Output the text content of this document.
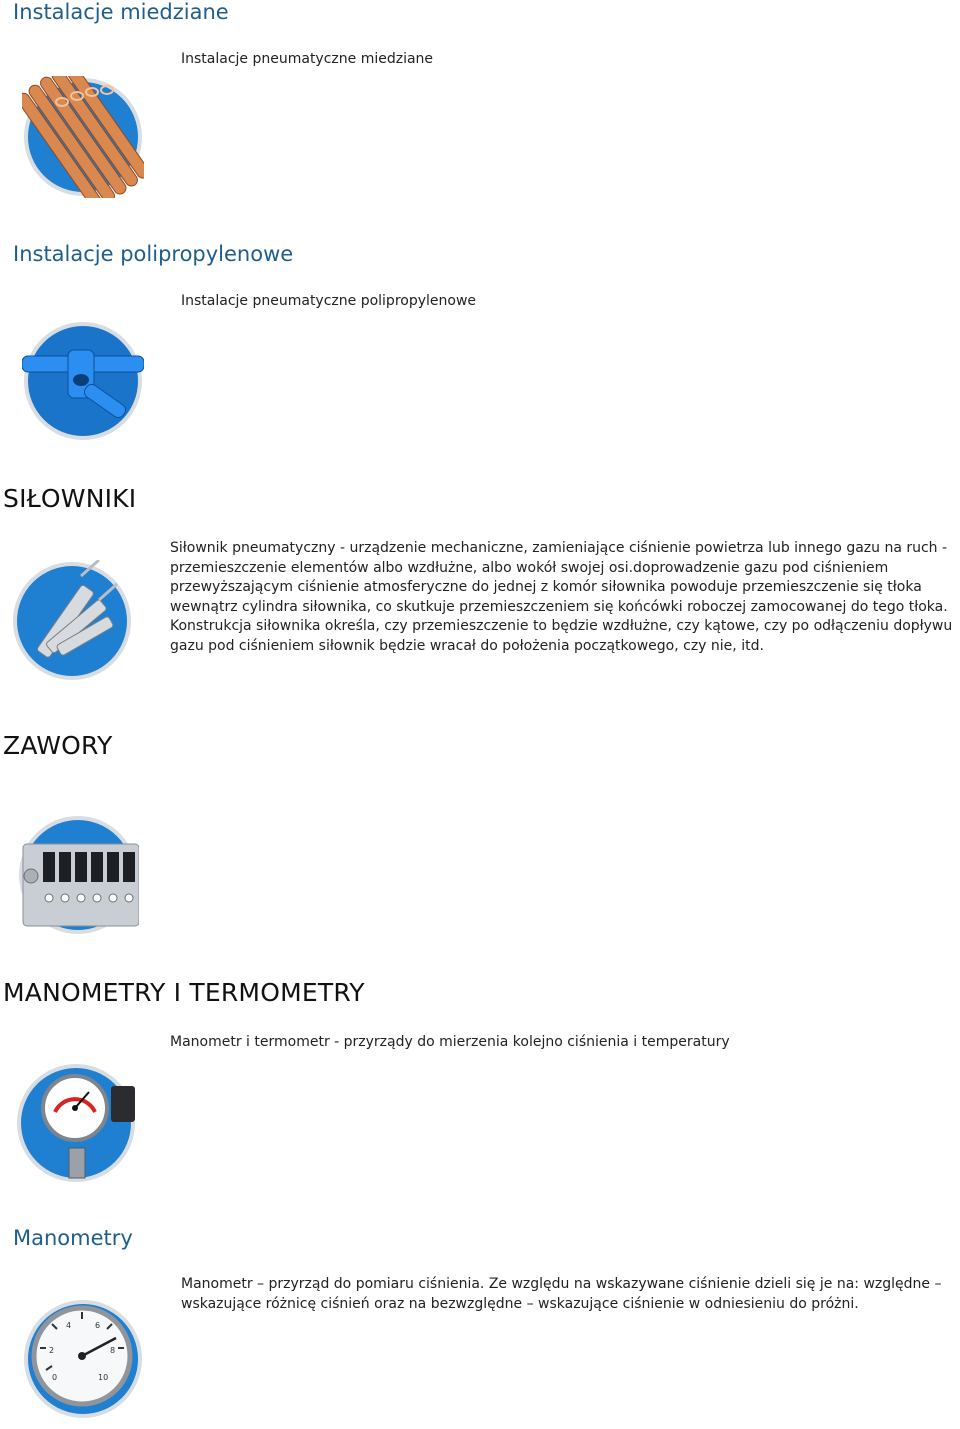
Instalacje miedziane

Instalacje pneumatyczne miedziane

Instalacje polipropylenowe

Instalacje pneumatyczne polipropylenowe

SIŁOWNIKI

Siłownik pneumatyczny - urządzenie mechaniczne, zamieniające ciśnienie powietrza lub innego gazu na ruch - przemieszczenie elementów albo wzdłużne, albo wokół swojej osi.doprowadzenie gazu pod ciśnieniem przewyższającym ciśnienie atmosferyczne do jednej z komór siłownika powoduje przemieszczenie się tłoka wewnątrz cylindra siłownika, co skutkuje przemieszczeniem się końcówki roboczej zamocowanej do tego tłoka. Konstrukcja siłownika określa, czy przemieszczenie to będzie wzdłużne, czy kątowe, czy po odłączeniu dopływu gazu pod ciśnieniem siłownik będzie wracał do położenia początkowego, czy nie, itd.

ZAWORY
MANOMETRY I TERMOMETRY

Manometr i termometr - przyrządy do mierzenia kolejno ciśnienia i temperatury

Manometry

Manometr – przyrząd do pomiaru ciśnienia. Ze względu na wskazywane ciśnienie dzieli się je na: względne – wskazujące różnicę ciśnień oraz na bezwzględne – wskazujące ciśnienie w odniesieniu do próżni.

2
4	6
8
10
0
